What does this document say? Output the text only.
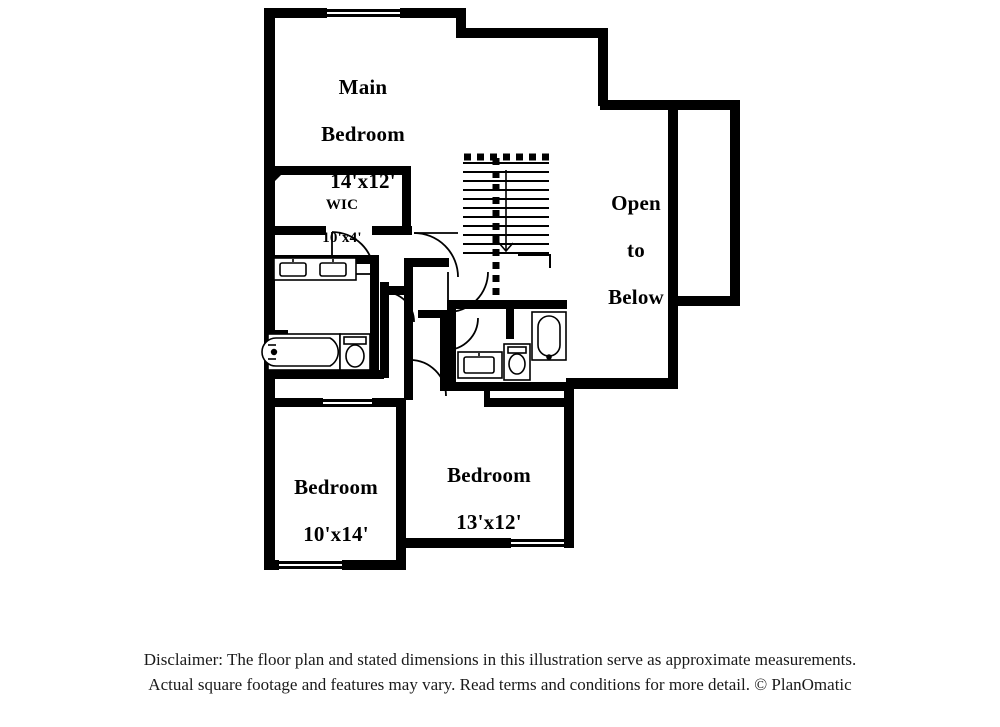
Main

Bedroom

14'x12'

WIC

10'x4'

Open

to

Below

Bedroom

10'x14'

Bedroom

13'x12'

Disclaimer: The floor plan and stated dimensions in this illustration serve as approximate measurements.
Actual square footage and features may vary. Read terms and conditions for more detail. © PlanOmatic
